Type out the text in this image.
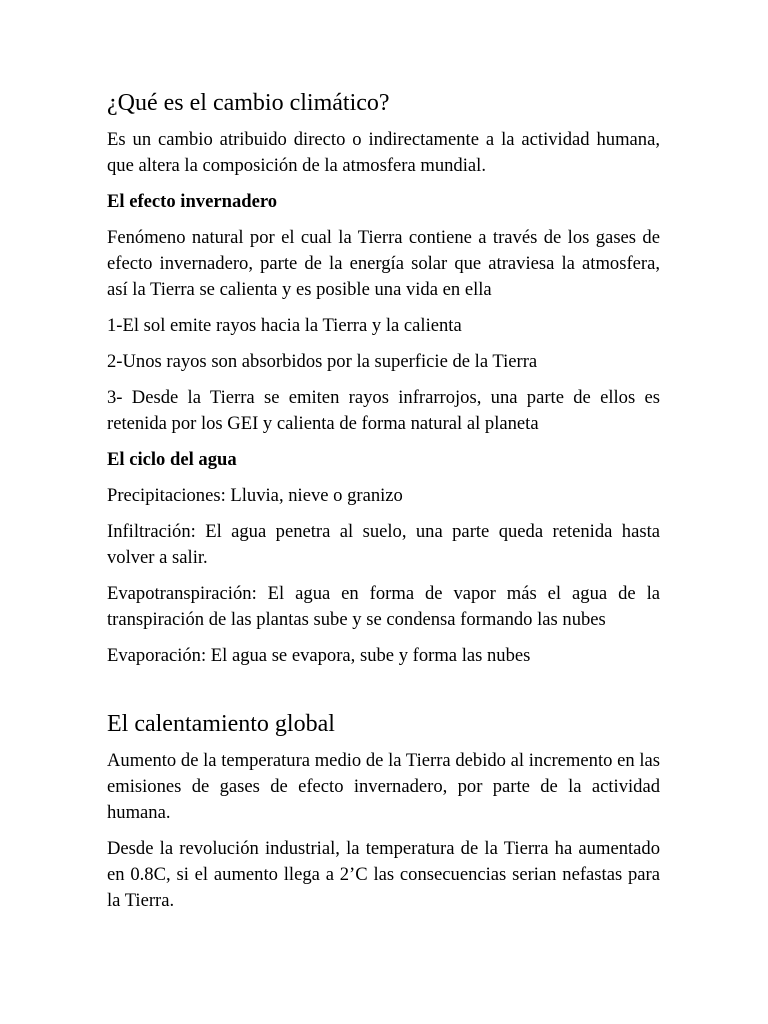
¿Qué es el cambio climático?

Es un cambio atribuido directo o indirectamente a la actividad humana, que altera la composición de la atmosfera mundial.

El efecto invernadero

Fenómeno natural por el cual la Tierra contiene a través de los gases de efecto invernadero, parte de la energía solar que atraviesa la atmosfera, así la Tierra se calienta y es posible una vida en ella

1-El sol emite rayos hacia la Tierra y la calienta

2-Unos rayos son absorbidos por la superficie de la Tierra

3- Desde la Tierra se emiten rayos infrarrojos, una parte de ellos es retenida por los GEI y calienta de forma natural al planeta

El ciclo del agua

Precipitaciones: Lluvia, nieve o granizo

Infiltración: El agua penetra al suelo, una parte queda retenida hasta volver a salir.

Evapotranspiración: El agua en forma de vapor más el agua de la transpiración de las plantas sube y se condensa formando las nubes

Evaporación: El agua se evapora, sube y forma las nubes

El calentamiento global

Aumento de la temperatura medio de la Tierra debido al incremento en las emisiones de gases de efecto invernadero, por parte de la actividad humana.

Desde la revolución industrial, la temperatura de la Tierra ha aumentado en 0.8C, si el aumento llega a 2’C las consecuencias serian nefastas para la Tierra.
